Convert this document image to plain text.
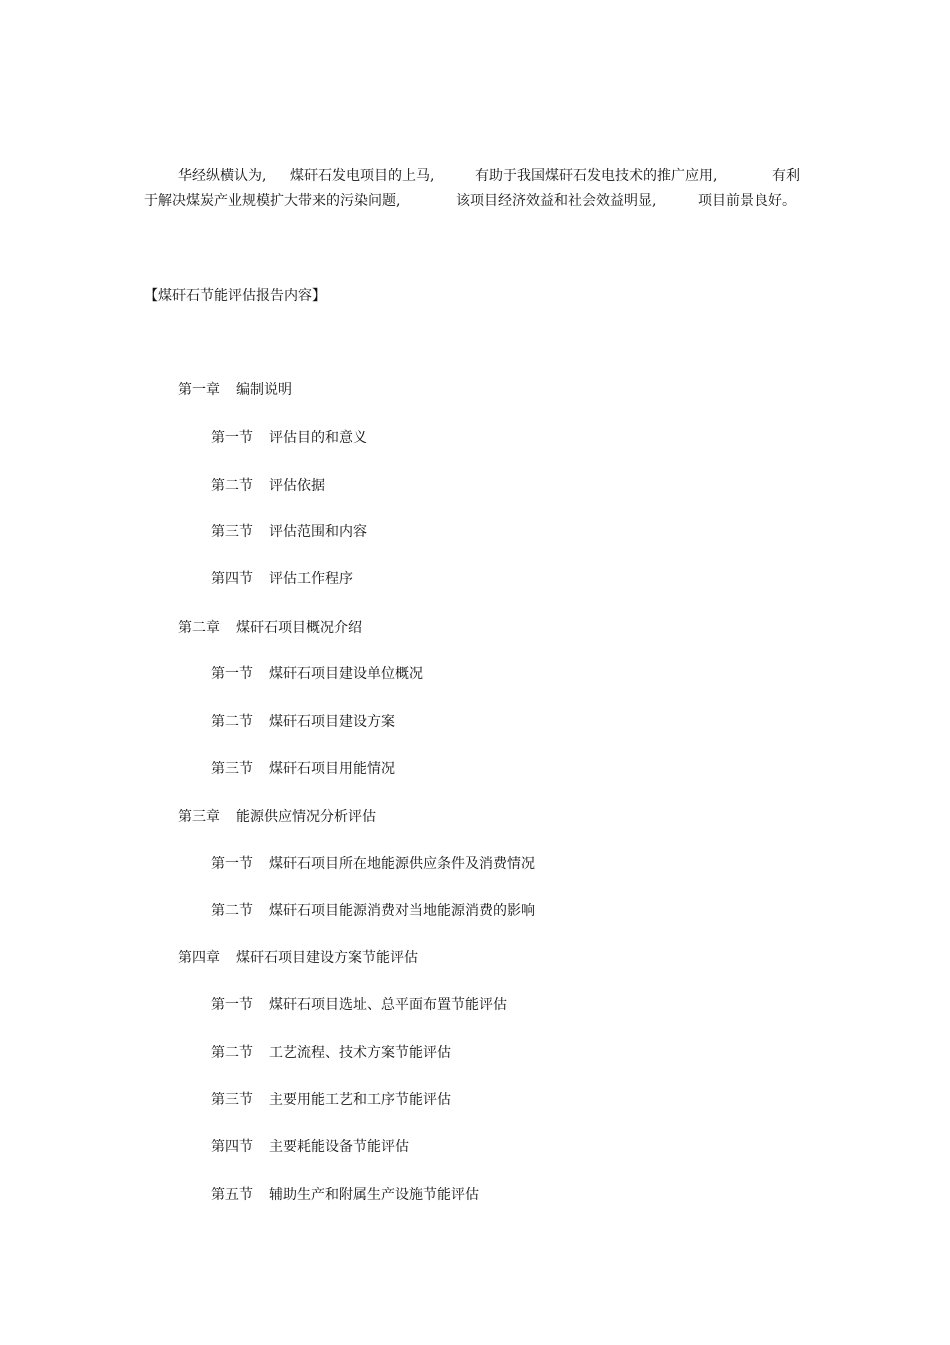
华经纵横认为, 煤矸石发电项目的上马,	有助于我国煤矸石发电技术的推广应用,	有利
于解决煤炭产业规模扩大带来的污染问题,	该项目经济效益和社会效益明显,	项目前景良好。
【煤矸石节能评估报告内容】
第一章 编制说明
第一节 评估目的和意义
第二节 评估依据
第三节 评估范围和内容
第四节 评估工作程序
第二章 煤矸石项目概况介绍
第一节 煤矸石项目建设单位概况
第二节 煤矸石项目建设方案
第三节 煤矸石项目用能情况
第三章 能源供应情况分析评估
第一节 煤矸石项目所在地能源供应条件及消费情况
第二节 煤矸石项目能源消费对当地能源消费的影响
第四章 煤矸石项目建设方案节能评估
第一节 煤矸石项目选址、总平面布置节能评估
第二节 工艺流程、技术方案节能评估
第三节 主要用能工艺和工序节能评估
第四节 主要耗能设备节能评估
第五节 辅助生产和附属生产设施节能评估
